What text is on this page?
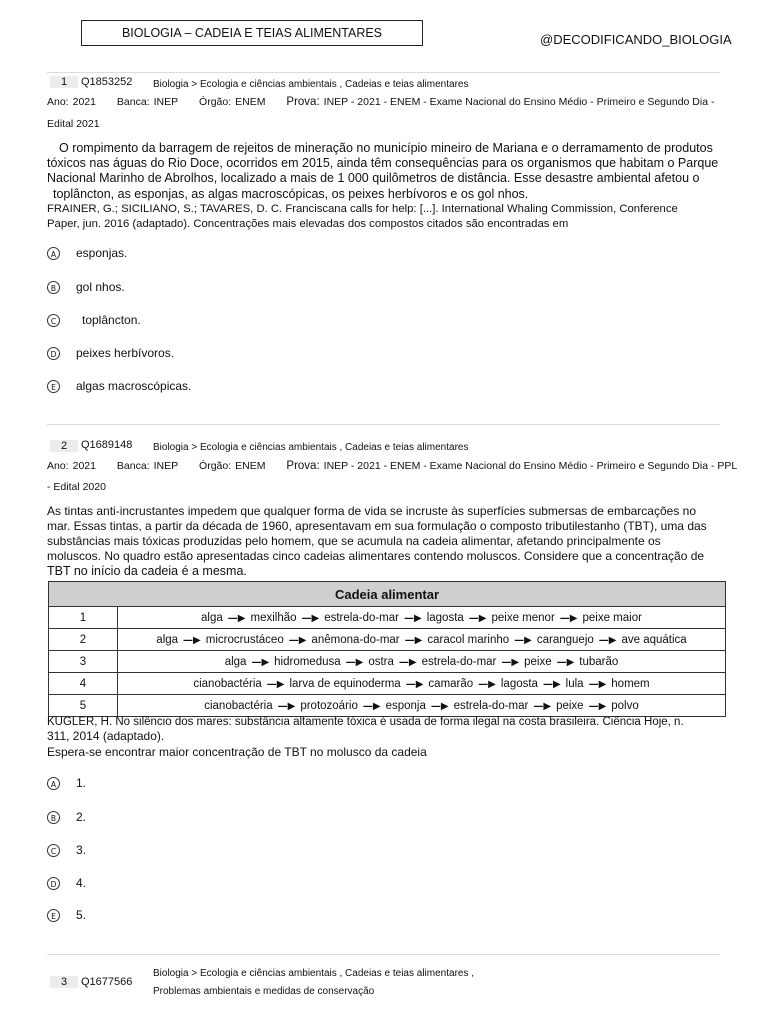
BIOLOGIA – CADEIA E TEIAS ALIMENTARES	@DECODIFICANDO_BIOLOGIA
1	Q1853252 Biologia > Ecologia e ciências ambientais , Cadeias e teias alimentares
Ano: 2021 Banca: INEP Órgão: ENEM Prova: INEP - 2021 - ENEM - Exame Nacional do Ensino Médio - Primeiro e Segundo Dia -
Edital 2021
O rompimento da barragem de rejeitos de mineração no município mineiro de Mariana e o derramamento de produtos
tóxicos nas águas do Rio Doce, ocorridos em 2015, ainda têm consequências para os organismos que habitam o Parque
Nacional Marinho de Abrolhos, localizado a mais de 1 000 quilômetros de distância. Esse desastre ambiental afetou o
toplâncton, as esponjas, as algas macroscópicas, os peixes herbívoros e os gol nhos.
FRAINER, G.; SICILIANO, S.; TAVARES, D. C. Franciscana calls for help: [...]. International Whaling Commission, Conference
Paper, jun. 2016 (adaptado). Concentrações mais elevadas dos compostos citados são encontradas em
A	esponjas.
B	gol nhos.
C	toplâncton.
D	peixes herbívoros.
E	algas macroscópicas.
2	Q1689148 Biologia > Ecologia e ciências ambientais , Cadeias e teias alimentares
Ano: 2021 Banca: INEP Órgão: ENEM Prova: INEP - 2021 - ENEM - Exame Nacional do Ensino Médio - Primeiro e Segundo Dia - PPL
- Edital 2020
As tintas anti-incrustantes impedem que qualquer forma de vida se incruste às superfícies submersas de embarcações no
mar. Essas tintas, a partir da década de 1960, apresentavam em sua formulação o composto tributilestanho (TBT), uma das
substâncias mais tóxicas produzidas pelo homem, que se acumula na cadeia alimentar, afetando principalmente os
moluscos. No quadro estão apresentadas cinco cadeias alimentares contendo moluscos. Considere que a concentração de
TBT no início da cadeia é a mesma.
Cadeia alimentar	
1	alga —▶ mexilhão —▶ estrela-do-mar —▶ lagosta —▶ peixe menor —▶ peixe maior
2	alga —▶ microcrustáceo —▶ anêmona-do-mar —▶ caracol marinho —▶ caranguejo —▶ ave aquática
3	alga —▶ hidromedusa —▶ ostra —▶ estrela-do-mar —▶ peixe —▶ tubarão
4	cianobactéria —▶ larva de equinoderma —▶ camarão —▶ lagosta —▶ lula —▶ homem
5	cianobactéria —▶ protozoário —▶ esponja —▶ estrela-do-mar —▶ peixe —▶ polvo
KUGLER, H. No silêncio dos mares: substância altamente tóxica é usada de forma ilegal na costa brasileira. Ciência Hoje, n.
311, 2014 (adaptado).
Espera-se encontrar maior concentração de TBT no molusco da cadeia
A	1.
B	2.
C	3.
D	4.
E	5.
3	Q1677566
Biologia > Ecologia e ciências ambientais , Cadeias e teias alimentares ,
Problemas ambientais e medidas de conservação
